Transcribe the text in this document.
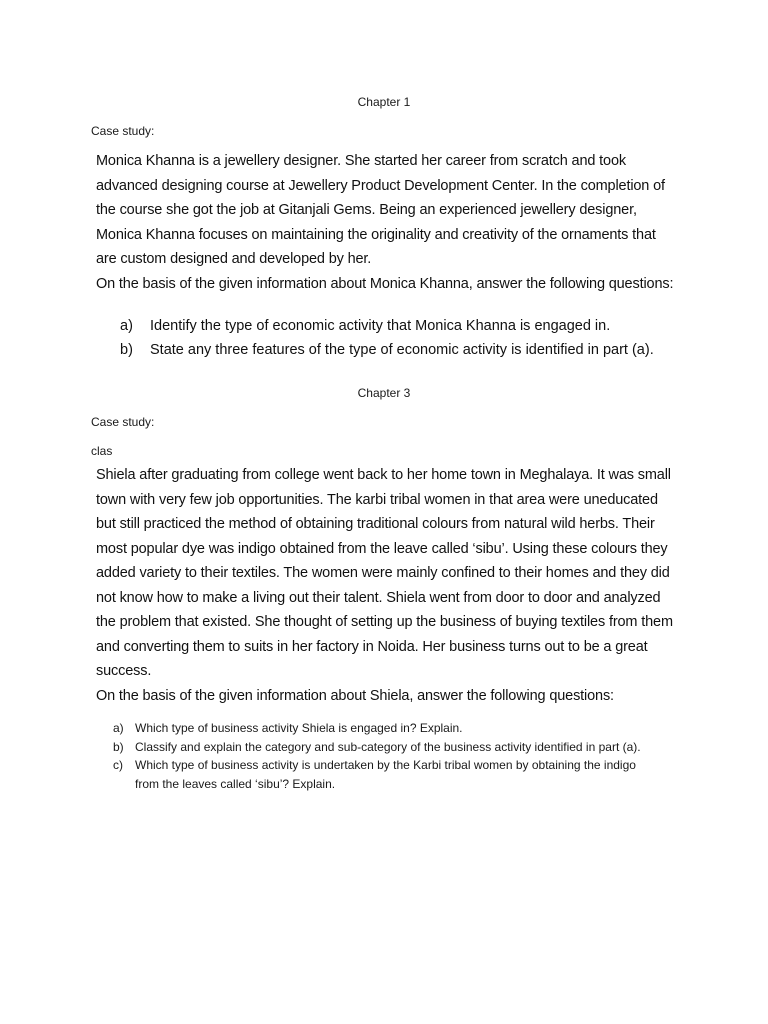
Chapter 1
Case study:
Monica Khanna is a jewellery designer. She started her career from scratch and took
advanced designing course at Jewellery Product Development Center. In the completion of
the course she got the job at Gitanjali Gems. Being an experienced jewellery designer,
Monica Khanna focuses on maintaining the originality and creativity of the ornaments that
are custom designed and developed by her.
On the basis of the given information about Monica Khanna, answer the following questions:
a) Identify the type of economic activity that Monica Khanna is engaged in.
b) State any three features of the type of economic activity is identified in part (a).
Chapter 3
Case study:
clas
Shiela after graduating from college went back to her home town in Meghalaya. It was small
town with very few job opportunities. The karbi tribal women in that area were uneducated
but still practiced the method of obtaining traditional colours from natural wild herbs. Their
most popular dye was indigo obtained from the leave called ‘sibu’. Using these colours they
added variety to their textiles. The women were mainly confined to their homes and they did
not know how to make a living out their talent. Shiela went from door to door and analyzed
the problem that existed. She thought of setting up the business of buying textiles from them
and converting them to suits in her factory in Noida. Her business turns out to be a great
success.
On the basis of the given information about Shiela, answer the following questions:
a) Which type of business activity Shiela is engaged in? Explain.
b) Classify and explain the category and sub-category of the business activity identified in part (a).
c) Which type of business activity is undertaken by the Karbi tribal women by obtaining the indigo
from the leaves called ‘sibu’? Explain.
